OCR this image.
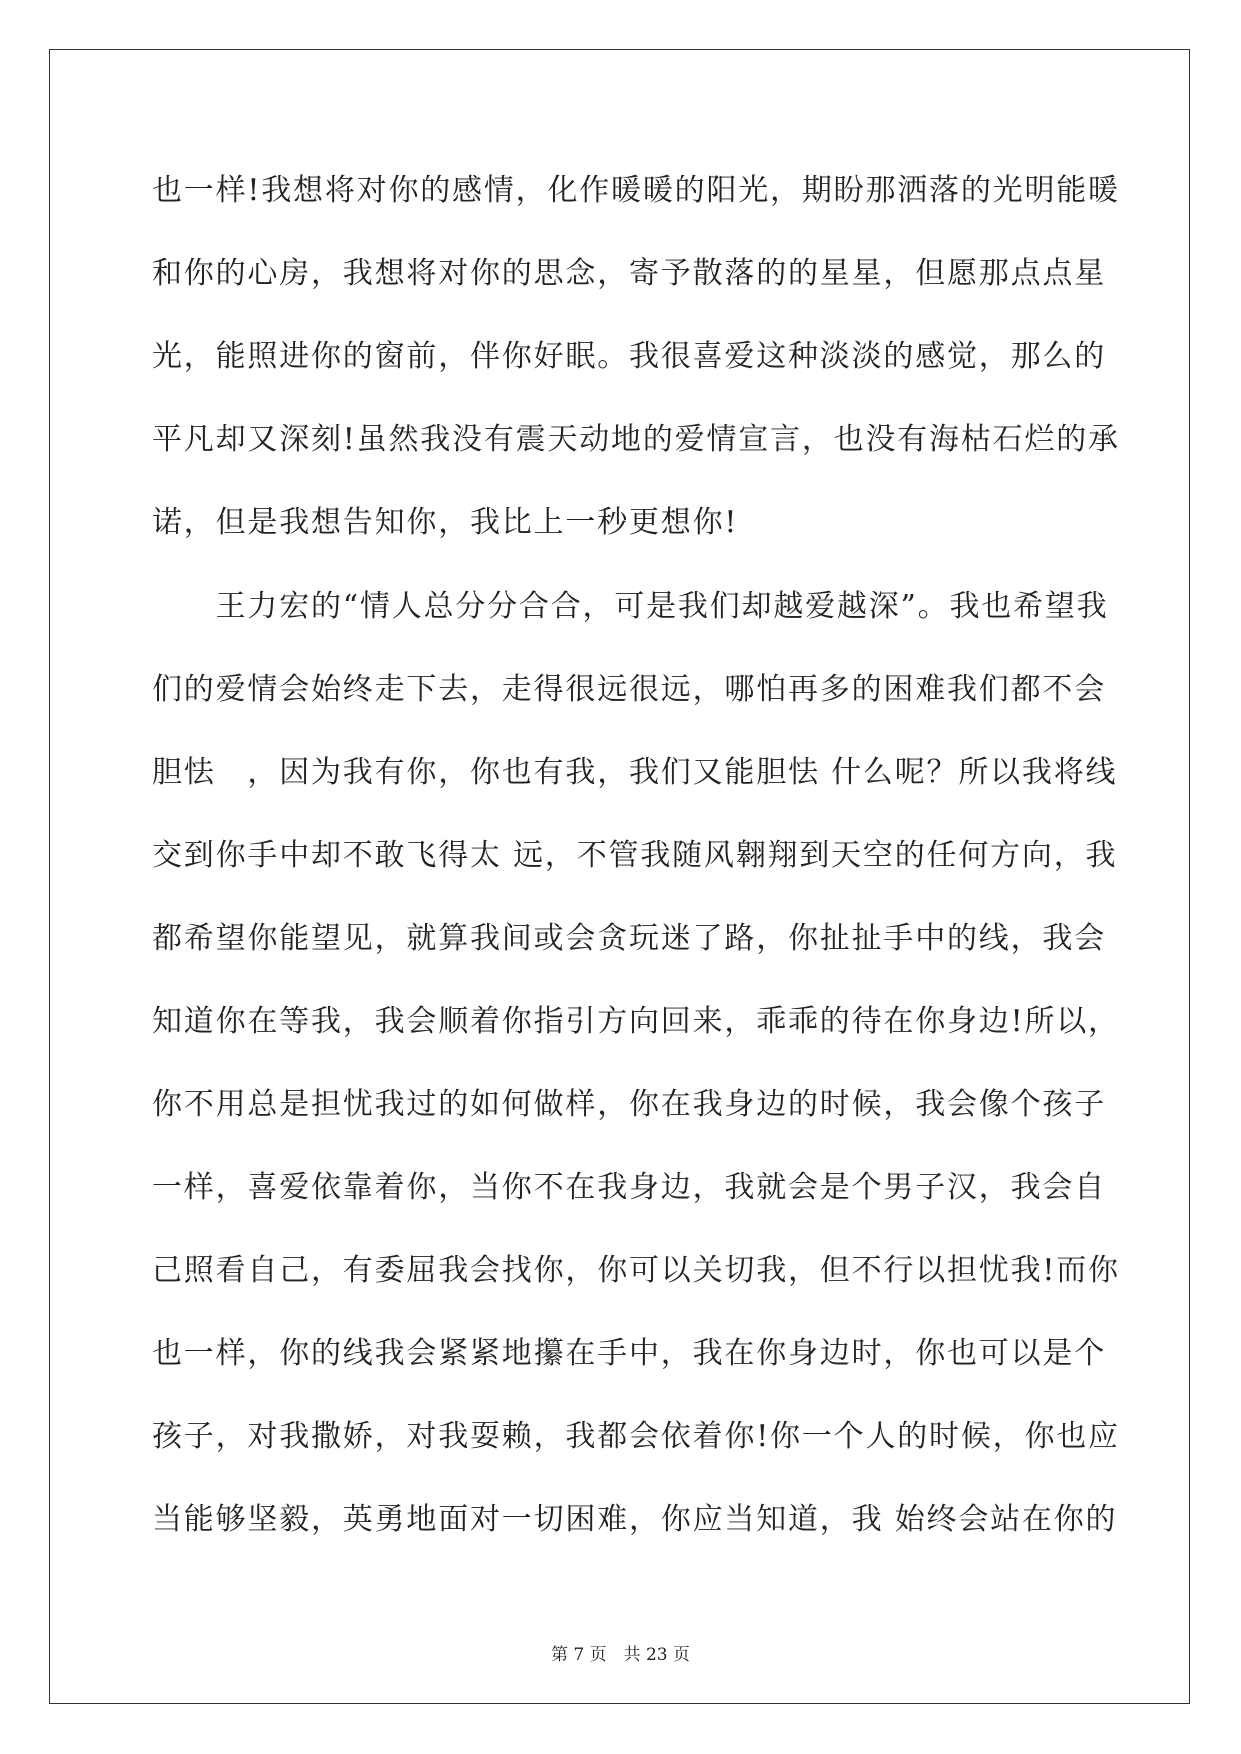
也一样!我想将对你的感情，化作暖暖的阳光，期盼那洒落的光明能暖
和你的心房，我想将对你的思念，寄予散落的的星星，但愿那点点星
光，能照进你的窗前，伴你好眠。我很喜爱这种淡淡的感觉，那么的
平凡却又深刻!虽然我没有震天动地的爱情宣言，也没有海枯石烂的承
诺，但是我想告知你，我比上一秒更想你!
　　王力宏的“情人总分分合合，可是我们却越爱越深”。我也希望我
们的爱情会始终走下去，走得很远很远，哪怕再多的困难我们都不会
胆怯　，因为我有你，你也有我，我们又能胆怯 什么呢？所以我将线
交到你手中却不敢飞得太 远，不管我随风翱翔到天空的任何方向，我
都希望你能望见，就算我间或会贪玩迷了路，你扯扯手中的线，我会
知道你在等我，我会顺着你指引方向回来，乖乖的待在你身边!所以，
你不用总是担忧我过的如何做样，你在我身边的时候，我会像个孩子
一样，喜爱依靠着你，当你不在我身边，我就会是个男子汉，我会自
己照看自己，有委屈我会找你，你可以关切我，但不行以担忧我!而你
也一样，你的线我会紧紧地攥在手中，我在你身边时，你也可以是个
孩子，对我撒娇，对我耍赖，我都会依着你!你一个人的时候，你也应
当能够坚毅，英勇地面对一切困难，你应当知道，我 始终会站在你的
第 7 页　共 23 页
